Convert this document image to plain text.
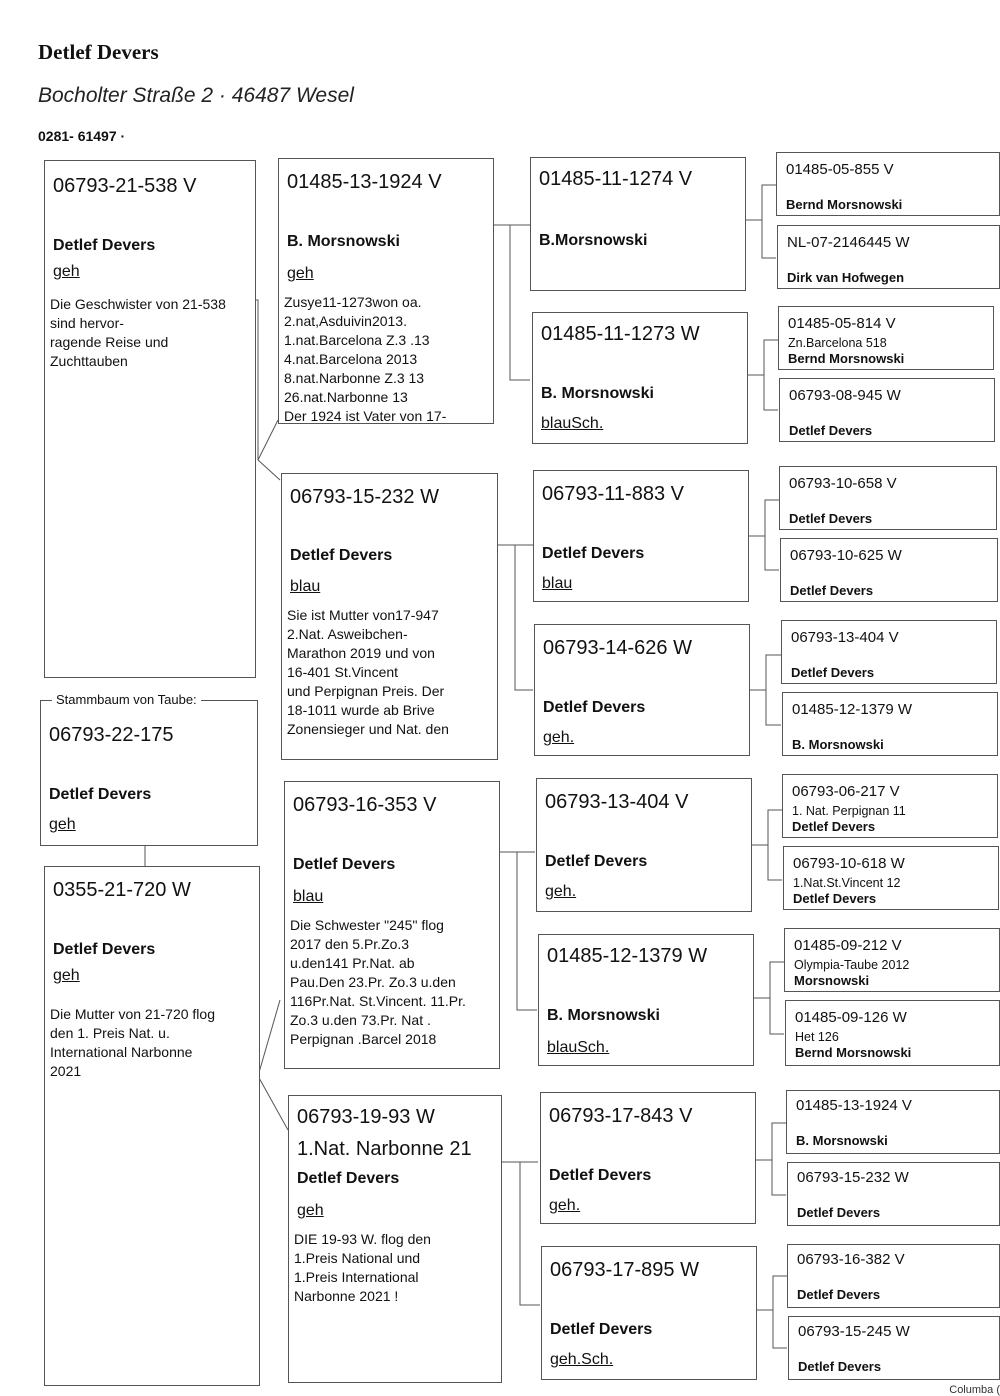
Detlef Devers
Bocholter Straße 2 · 46487 Wesel
0281- 61497 ·
06793-21-538 V
Detlef Devers
geh
Die Geschwister von 21-538
sind hervor-
ragende Reise und
Zuchttauben
Stammbaum von Taube:
06793-22-175
Detlef Devers
geh
0355-21-720 W
Detlef Devers
geh
Die Mutter von 21-720 flog
den 1. Preis Nat. u.
International Narbonne
2021
01485-13-1924 V
B. Morsnowski
geh
Zusye11-1273won oa.
2.nat,Asduivin2013.
1.nat.Barcelona Z.3 .13
4.nat.Barcelona 2013
8.nat.Narbonne Z.3 13
26.nat.Narbonne 13
Der 1924 ist Vater von 17-
06793-15-232 W
Detlef Devers
blau
Sie ist Mutter von17-947
2.Nat. Asweibchen-
Marathon 2019 und von
16-401 St.Vincent
und Perpignan Preis. Der
18-1011 wurde ab Brive
Zonensieger und Nat. den
06793-16-353 V
Detlef Devers
blau
Die Schwester "245" flog
2017 den 5.Pr.Zo.3
u.den141 Pr.Nat. ab
Pau.Den 23.Pr. Zo.3 u.den
116Pr.Nat. St.Vincent. 11.Pr.
Zo.3 u.den 73.Pr. Nat .
Perpignan .Barcel 2018
06793-19-93 W
1.Nat. Narbonne 21
Detlef Devers
geh
DIE 19-93 W. flog den
1.Preis National und
1.Preis International
Narbonne 2021 !
01485-11-1274 V
B.Morsnowski
01485-11-1273 W
B. Morsnowski
blauSch.
06793-11-883 V
Detlef Devers
blau
06793-14-626 W
Detlef Devers
geh.
06793-13-404 V
Detlef Devers
geh.
01485-12-1379 W
B. Morsnowski
blauSch.
06793-17-843 V
Detlef Devers
geh.
06793-17-895 W
Detlef Devers
geh.Sch.
01485-05-855 V
Bernd Morsnowski
NL-07-2146445 W
Dirk van Hofwegen
01485-05-814 V
Zn.Barcelona 518
Bernd Morsnowski
06793-08-945 W
Detlef Devers
06793-10-658 V
Detlef Devers
06793-10-625 W
Detlef Devers
06793-13-404 V
Detlef Devers
01485-12-1379 W
B. Morsnowski
06793-06-217 V
1. Nat. Perpignan 11
Detlef Devers
06793-10-618 W
1.Nat.St.Vincent 12
Detlef Devers
01485-09-212 V
Olympia-Taube 2012
Morsnowski
01485-09-126 W
Het 126
Bernd Morsnowski
01485-13-1924 V
B. Morsnowski
06793-15-232 W
Detlef Devers
06793-16-382 V
Detlef Devers
06793-15-245 W
Detlef Devers
Columba (
